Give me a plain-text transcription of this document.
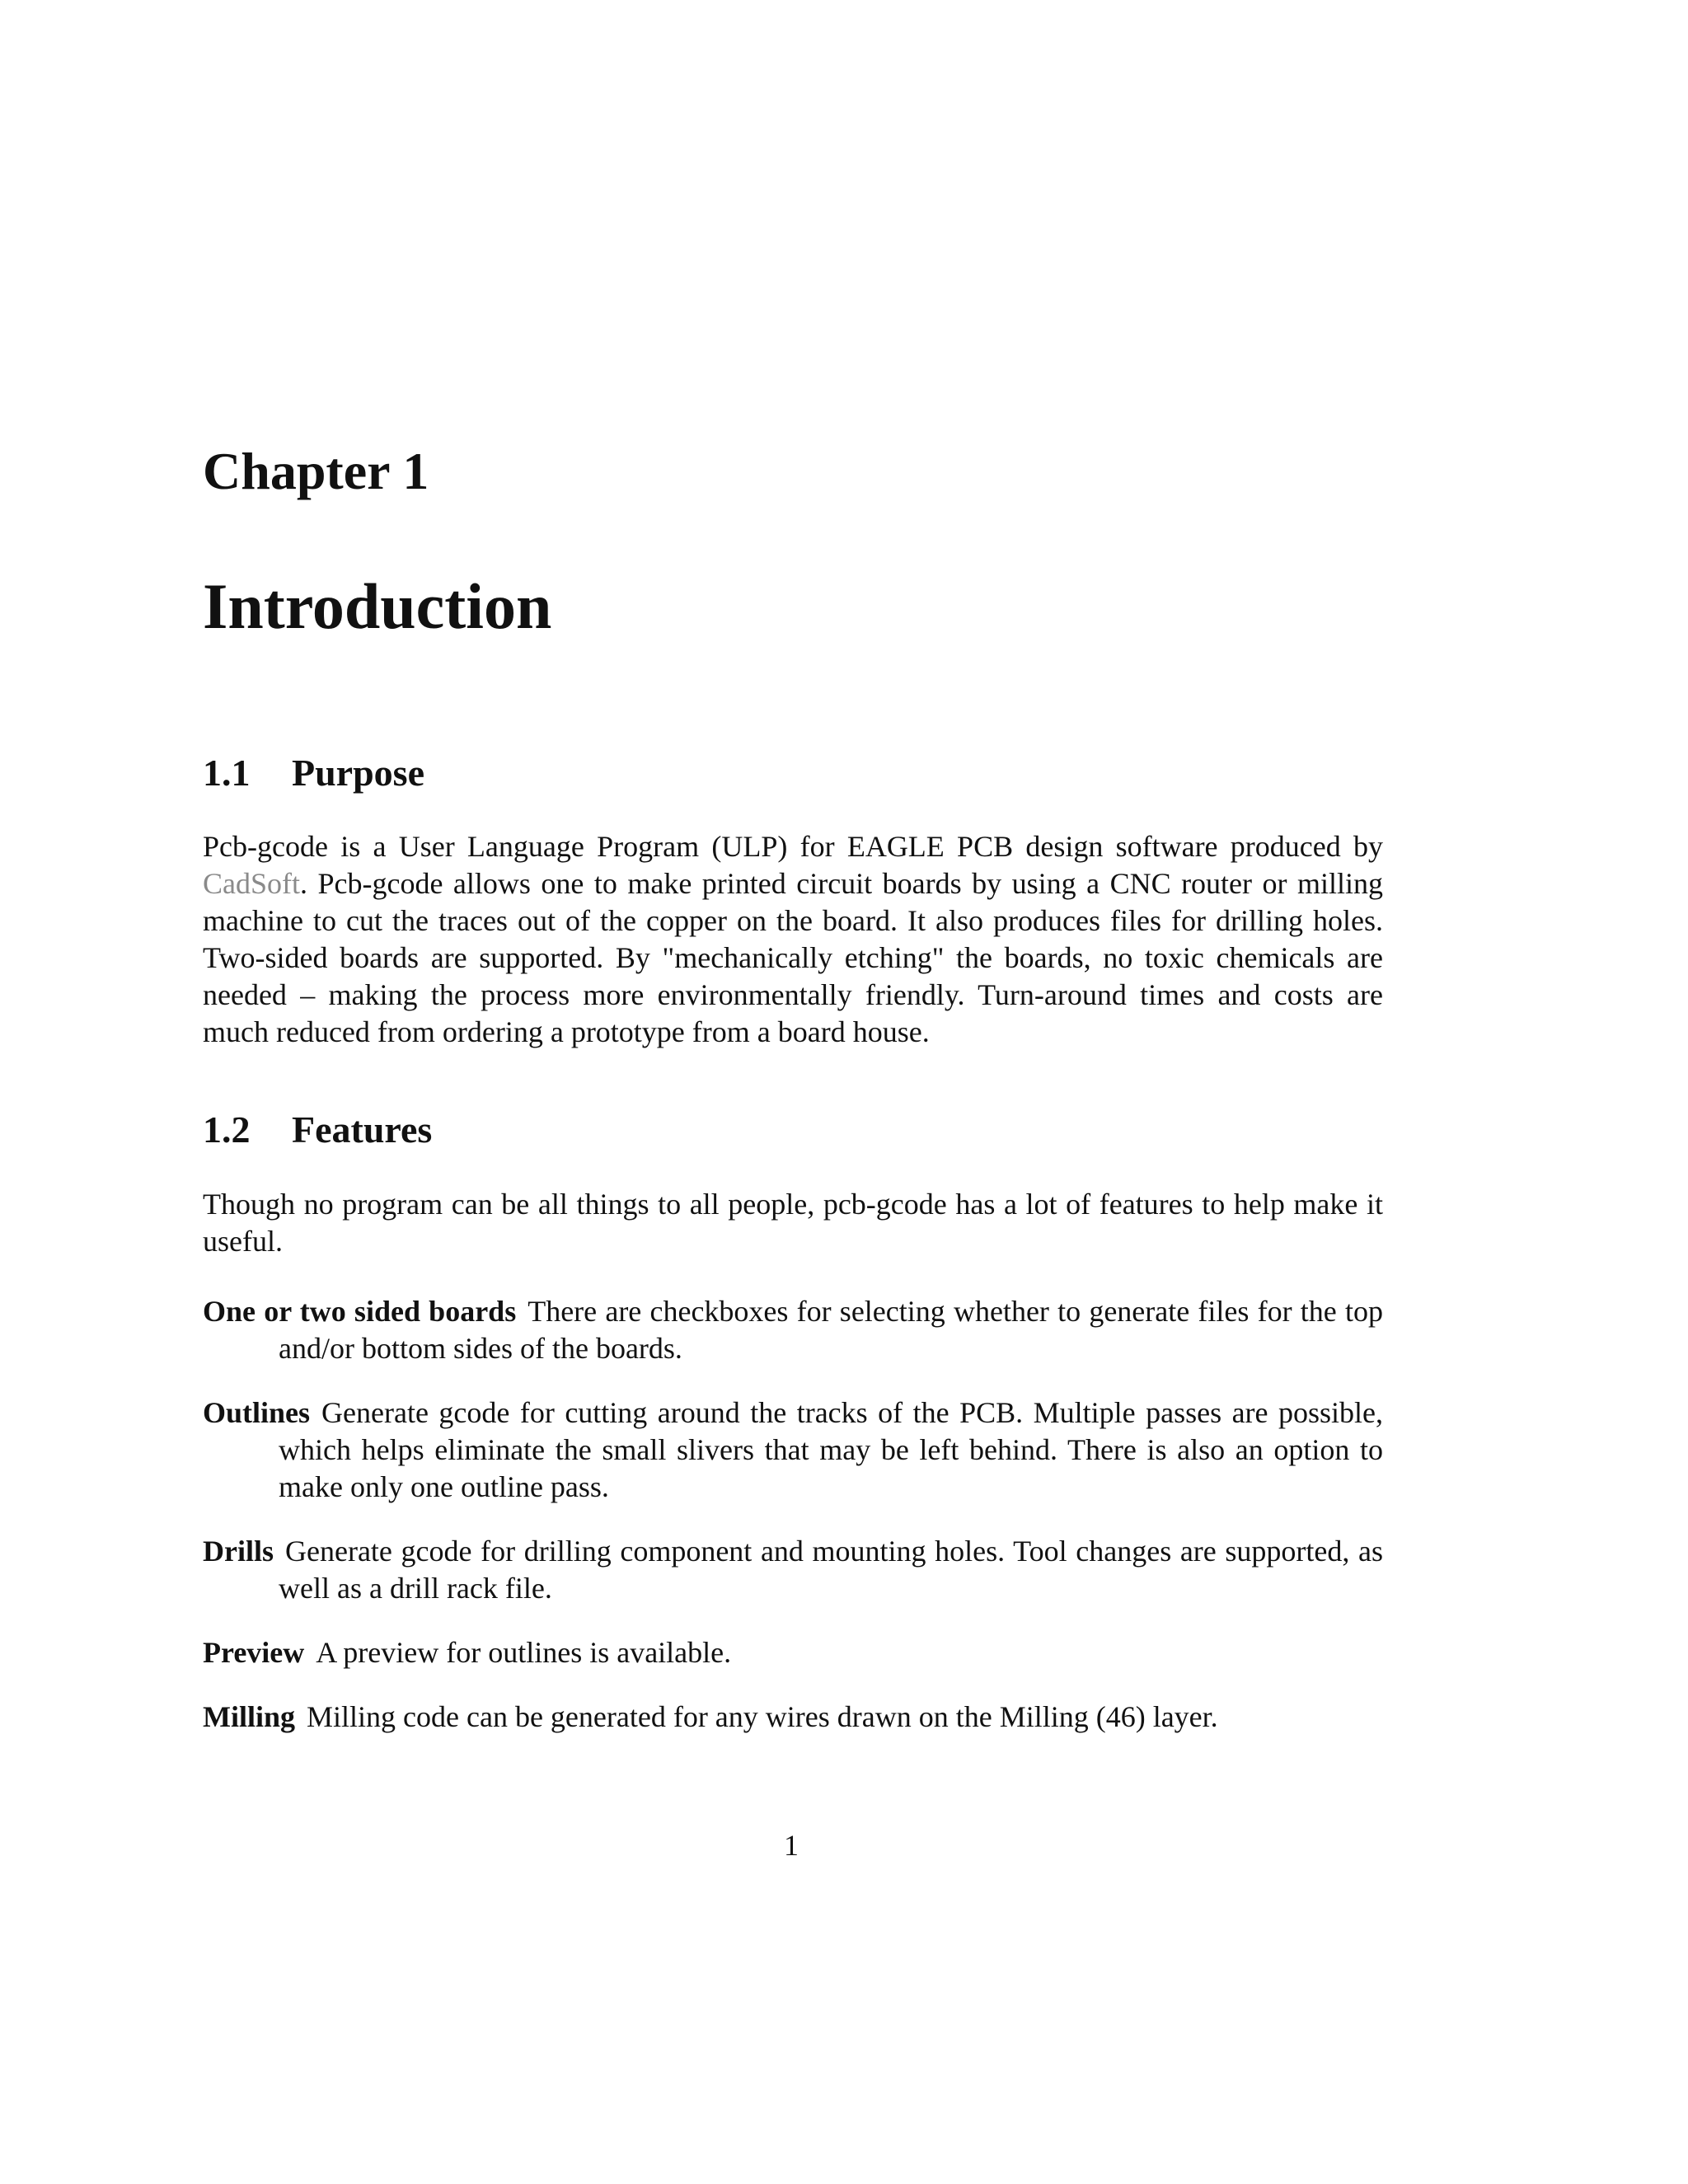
Chapter 1
Introduction
1.1	Purpose

Pcb-gcode is a User Language Program (ULP) for EAGLE PCB design software produced by CadSoft. Pcb-gcode allows one to make printed circuit boards by using a CNC router or milling machine to cut the traces out of the copper on the board. It also produces files for drilling holes. Two-sided boards are supported. By "mechanically etching" the boards, no toxic chemicals are needed – making the process more environmentally friendly. Turn-around times and costs are much reduced from ordering a prototype from a board house.

1.2	Features

Though no program can be all things to all people, pcb-gcode has a lot of features to help make it useful.

One or two sided boards There are checkboxes for selecting whether to generate files for the top and/or bottom sides of the boards.
Outlines Generate gcode for cutting around the tracks of the PCB. Multiple passes are possible, which helps eliminate the small slivers that may be left behind. There is also an option to make only one outline pass.
Drills Generate gcode for drilling component and mounting holes. Tool changes are supported, as well as a drill rack file.
Preview A preview for outlines is available.
Milling Milling code can be generated for any wires drawn on the Milling (46) layer.
1
